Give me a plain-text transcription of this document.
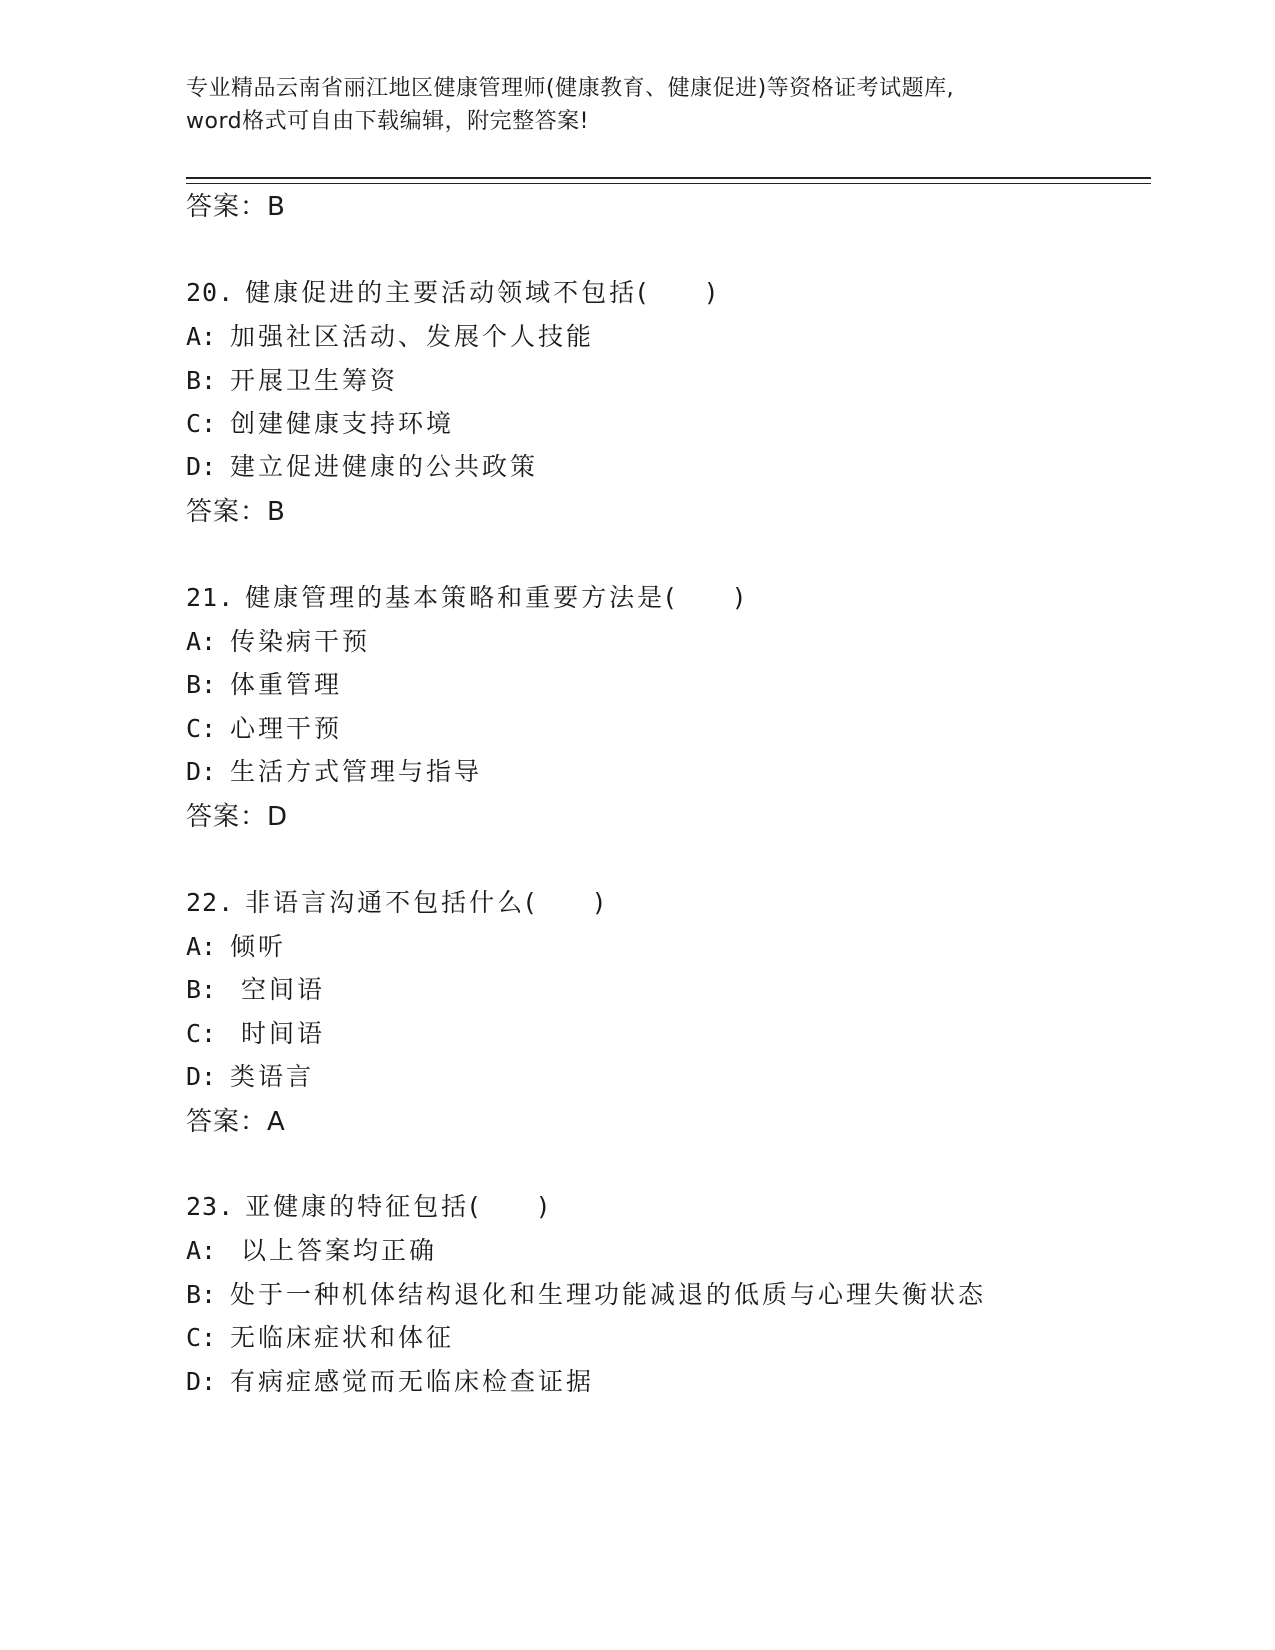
专业精品云南省丽江地区健康管理师(健康教育、健康促进)等资格证考试题库,
word格式可自由下载编辑，附完整答案!
答案：B
20. 健康促进的主要活动领域不包括(　　)
A: 加强社区活动、发展个人技能
B: 开展卫生筹资
C: 创建健康支持环境
D: 建立促进健康的公共政策
答案：B
21. 健康管理的基本策略和重要方法是(　　)
A: 传染病干预
B: 体重管理
C: 心理干预
D: 生活方式管理与指导
答案：D
22. 非语言沟通不包括什么(　　)
A: 倾听
B: 空间语
C: 时间语
D: 类语言
答案：A
23. 亚健康的特征包括(　　)
A: 以上答案均正确
B: 处于一种机体结构退化和生理功能减退的低质与心理失衡状态
C: 无临床症状和体征
D: 有病症感觉而无临床检查证据
